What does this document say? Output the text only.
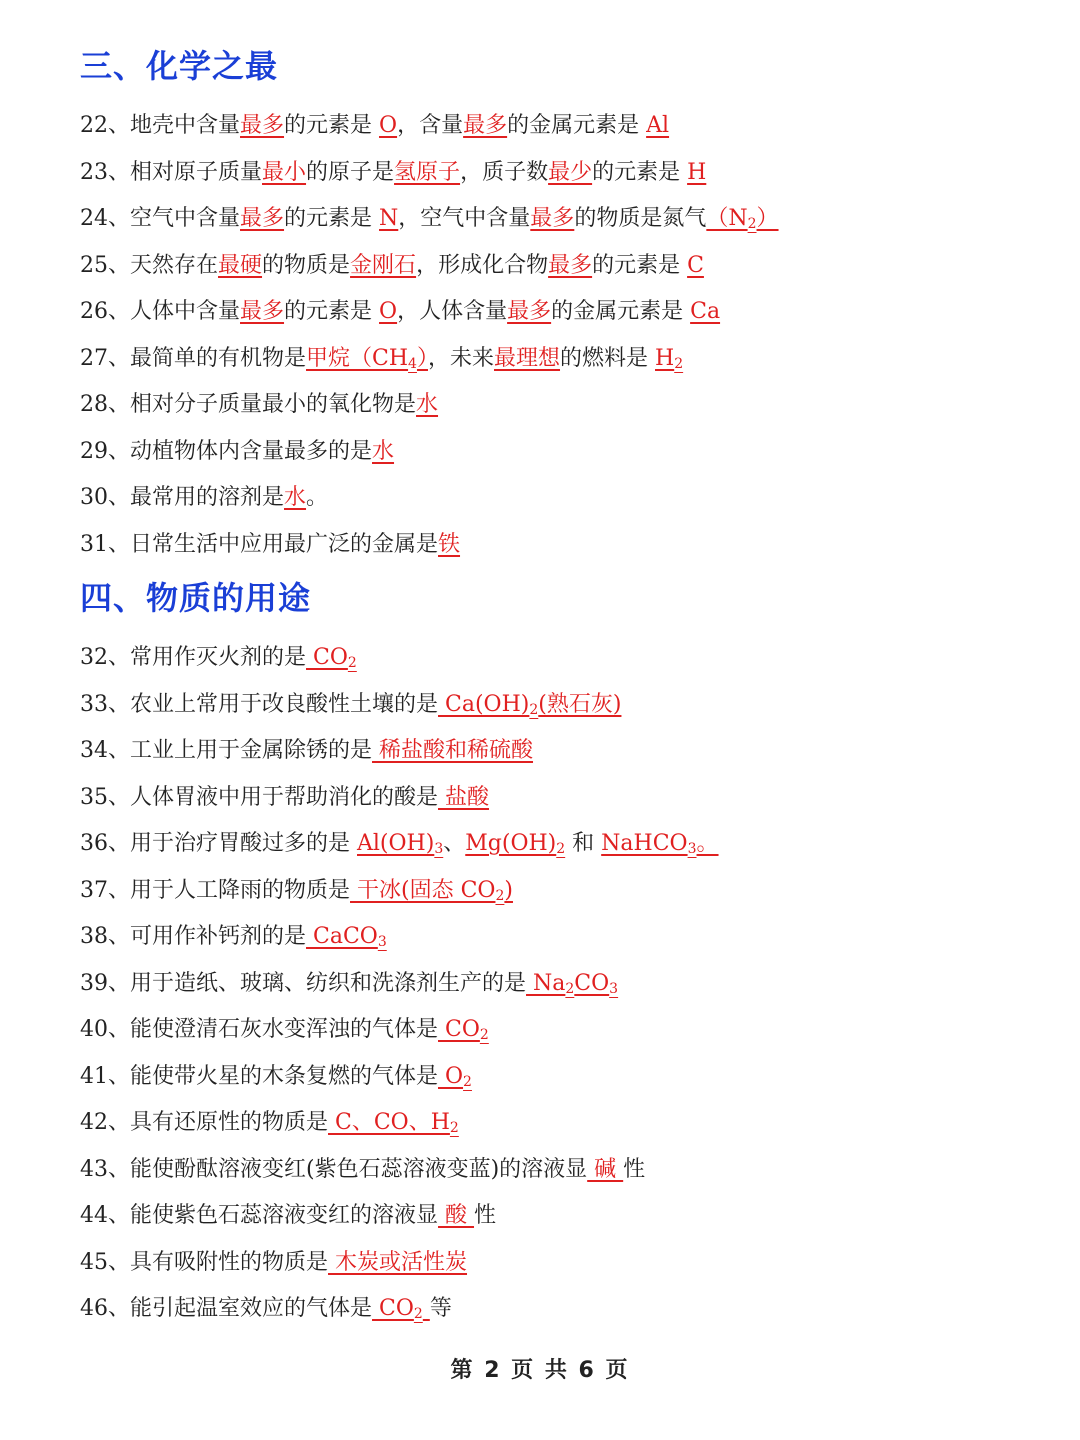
三、化学之最
22、地壳中含量最多的元素是 O，含量最多的金属元素是 Al
23、相对原子质量最小的原子是氢原子，质子数最少的元素是 H
24、空气中含量最多的元素是 N，空气中含量最多的物质是氮气$(N_2)$
25、天然存在最硬的物质是金刚石，形成化合物最多的元素是 C
26、人体中含量最多的元素是 O，人体含量最多的金属元素是 Ca
27、最简单的有机物是甲烷$(CH_4)$，未来最理想的燃料是 $H_2$
28、相对分子质量最小的氧化物是水
29、动植物体内含量最多的是水
30、最常用的溶剂是水。
31、日常生活中应用最广泛的金属是铁
四、物质的用途
32、常用作灭火剂的是 $CO_2$
33、农业上常用于改良酸性土壤的是 $Ca(OH)_2$(熟石灰)
34、工业上用于金属除锈的是 稀盐酸和稀硫酸
35、人体胃液中用于帮助消化的酸是 盐酸
36、用于治疗胃酸过多的是 $Al(OH)_3$、$Mg(OH)_2$ 和 NaHCO$_3$。
37、用于人工降雨的物质是 干冰(固态 $CO_2$)
38、可用作补钙剂的是 CaCO$_3$
39、用于造纸、玻璃、纺织和洗涤剂生产的是 $Na_2CO_3$
40、能使澄清石灰水变浑浊的气体是 $CO_2$
41、能使带火星的木条复燃的气体是 $O_2$
42、具有还原性的物质是 C、CO、$H_2$
43、能使酚酞溶液变红(紫色石蕊溶液变蓝)的溶液显 碱 性
44、能使紫色石蕊溶液变红的溶液显 酸 性
45、具有吸附性的物质是 木炭或活性炭
46、能引起温室效应的气体是 $CO_2$ 等
第 2 页 共 6 页
